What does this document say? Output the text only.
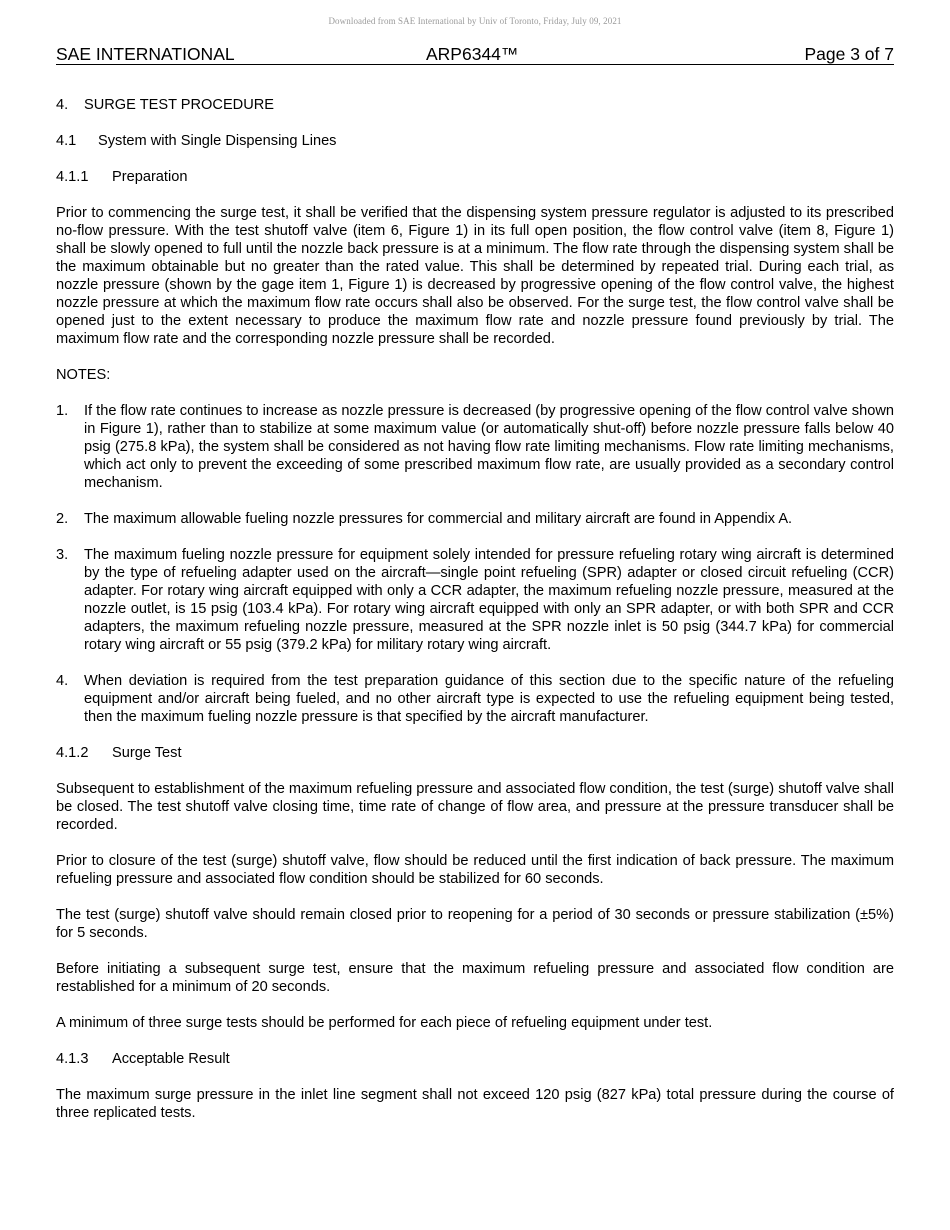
Downloaded from SAE International by Univ of Toronto, Friday, July 09, 2021
SAE INTERNATIONAL	ARP6344™	Page 3 of 7
4. SURGE TEST PROCEDURE
4.1 System with Single Dispensing Lines
4.1.1 Preparation

Prior to commencing the surge test, it shall be verified that the dispensing system pressure regulator is adjusted to its prescribed no-flow pressure. With the test shutoff valve (item 6, Figure 1) in its full open position, the flow control valve (item 8, Figure 1) shall be slowly opened to full until the nozzle back pressure is at a minimum. The flow rate through the dispensing system shall be the maximum obtainable but no greater than the rated value. This shall be determined by repeated trial. During each trial, as nozzle pressure (shown by the gage item 1, Figure 1) is decreased by progressive opening of the flow control valve, the highest nozzle pressure at which the maximum flow rate occurs shall also be observed. For the surge test, the flow control valve shall be opened just to the extent necessary to produce the maximum flow rate and nozzle pressure found previously by trial. The maximum flow rate and the corresponding nozzle pressure shall be recorded.

NOTES:

1. If the flow rate continues to increase as nozzle pressure is decreased (by progressive opening of the flow control valve shown in Figure 1), rather than to stabilize at some maximum value (or automatically shut-off) before nozzle pressure falls below 40 psig (275.8 kPa), the system shall be considered as not having flow rate limiting mechanisms. Flow rate limiting mechanisms, which act only to prevent the exceeding of some prescribed maximum flow rate, are usually provided as a secondary control mechanism.
2. The maximum allowable fueling nozzle pressures for commercial and military aircraft are found in Appendix A.
3. The maximum fueling nozzle pressure for equipment solely intended for pressure refueling rotary wing aircraft is determined by the type of refueling adapter used on the aircraft—single point refueling (SPR) adapter or closed circuit refueling (CCR) adapter. For rotary wing aircraft equipped with only a CCR adapter, the maximum refueling nozzle pressure, measured at the nozzle outlet, is 15 psig (103.4 kPa). For rotary wing aircraft equipped with only an SPR adapter, or with both SPR and CCR adapters, the maximum refueling nozzle pressure, measured at the SPR nozzle inlet is 50 psig (344.7 kPa) for commercial rotary wing aircraft or 55 psig (379.2 kPa) for military rotary wing aircraft.
4. When deviation is required from the test preparation guidance of this section due to the specific nature of the refueling equipment and/or aircraft being fueled, and no other aircraft type is expected to use the refueling equipment being tested, then the maximum fueling nozzle pressure is that specified by the aircraft manufacturer.
4.1.2 Surge Test

Subsequent to establishment of the maximum refueling pressure and associated flow condition, the test (surge) shutoff valve shall be closed. The test shutoff valve closing time, time rate of change of flow area, and pressure at the pressure transducer shall be recorded.

Prior to closure of the test (surge) shutoff valve, flow should be reduced until the first indication of back pressure. The maximum refueling pressure and associated flow condition should be stabilized for 60 seconds.

The test (surge) shutoff valve should remain closed prior to reopening for a period of 30 seconds or pressure stabilization (±5%) for 5 seconds.

Before initiating a subsequent surge test, ensure that the maximum refueling pressure and associated flow condition are restablished for a minimum of 20 seconds.

A minimum of three surge tests should be performed for each piece of refueling equipment under test.

4.1.3 Acceptable Result

The maximum surge pressure in the inlet line segment shall not exceed 120 psig (827 kPa) total pressure during the course of three replicated tests.
